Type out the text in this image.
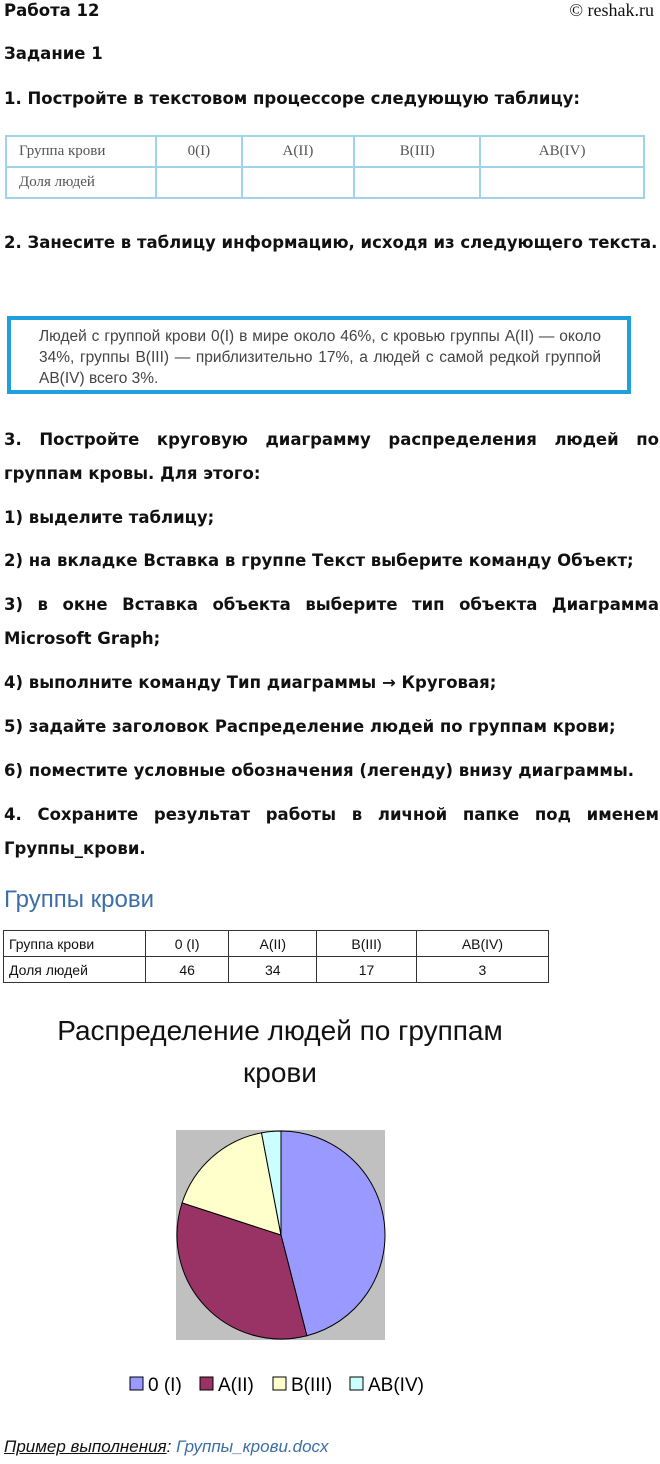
Работа 12	© reshak.ru
Задание 1
1. Постройте в текстовом процессоре следующую таблицу:
Группа крови	0(I)	A(II)	B(III)	AB(IV)
Доля людей				
2. Занесите в таблицу информацию, исходя из следующего текста.
Людей с группой крови 0(I) в мире около 46%, с кровью группы A(II) — около 34%, группы B(III) — приблизительно 17%, а людей с самой редкой группой AB(IV) всего 3%.
3. Постройте круговую диаграмму распределения людей по группам кровы. Для этого:
1) выделите таблицу;
2) на вкладке Вставка в группе Текст выберите команду Объект;
3) в окне Вставка объекта выберите тип объекта Диаграмма Microsoft Graph;
4) выполните команду Тип диаграммы → Круговая;
5) задайте заголовок Распределение людей по группам крови;
6) поместите условные обозначения (легенду) внизу диаграммы.
4. Сохраните результат работы в личной папке под именем Группы_крови.
Группы крови
Группа крови	0 (I)	A(II)	B(III)	AB(IV)
Доля людей	46	34	17	3
Распределение людей по группам крови
0 (I) A(II) B(III) AB(IV)
Пример выполнения: Группы_крови.docx
